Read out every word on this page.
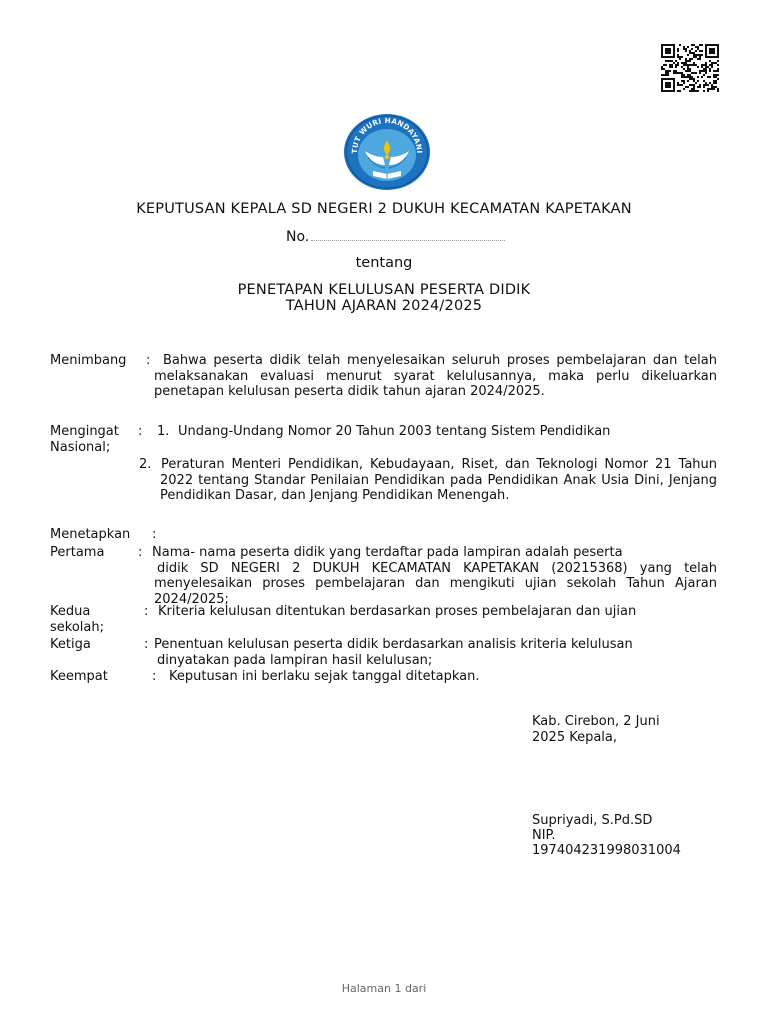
TUT WURI HANDAYANI
KEPUTUSAN KEPALA SD NEGERI 2 DUKUH KECAMATAN KAPETAKAN
No.
tentang
PENETAPAN KELULUSAN PESERTA DIDIK
TAHUN AJARAN 2024/2025
Menimbang : Bahwa peserta didik telah menyelesaikan seluruh proses pembelajaran dan telah melaksanakan evaluasi menurut syarat kelulusannya, maka perlu dikeluarkan penetapan kelulusan peserta didik tahun ajaran 2024/2025.
Mengingat : 1. Undang-Undang Nomor 20 Tahun 2003 tentang Sistem Pendidikan
Nasional;
2. Peraturan Menteri Pendidikan, Kebudayaan, Riset, dan Teknologi Nomor 21 Tahun 2022 tentang Standar Penilaian Pendidikan pada Pendidikan Anak Usia Dini, Jenjang Pendidikan Dasar, dan Jenjang Pendidikan Menengah.
Menetapkan :
Pertama	: Nama- nama peserta didik yang terdaftar pada lampiran adalah peserta
didik SD NEGERI 2 DUKUH KECAMATAN KAPETAKAN (20215368) yang telah menyelesaikan proses pembelajaran dan mengikuti ujian sekolah Tahun Ajaran 2024/2025;
Kedua	: Kriteria kelulusan ditentukan berdasarkan proses pembelajaran dan ujian
sekolah;
Ketiga	: Penentuan kelulusan peserta didik berdasarkan analisis kriteria kelulusan
dinyatakan pada lampiran hasil kelulusan;
Keempat	: Keputusan ini berlaku sejak tanggal ditetapkan.
Kab. Cirebon, 2 Juni
2025 Kepala,
Supriyadi, S.Pd.SD
NIP.
197404231998031004
Halaman 1 dari
